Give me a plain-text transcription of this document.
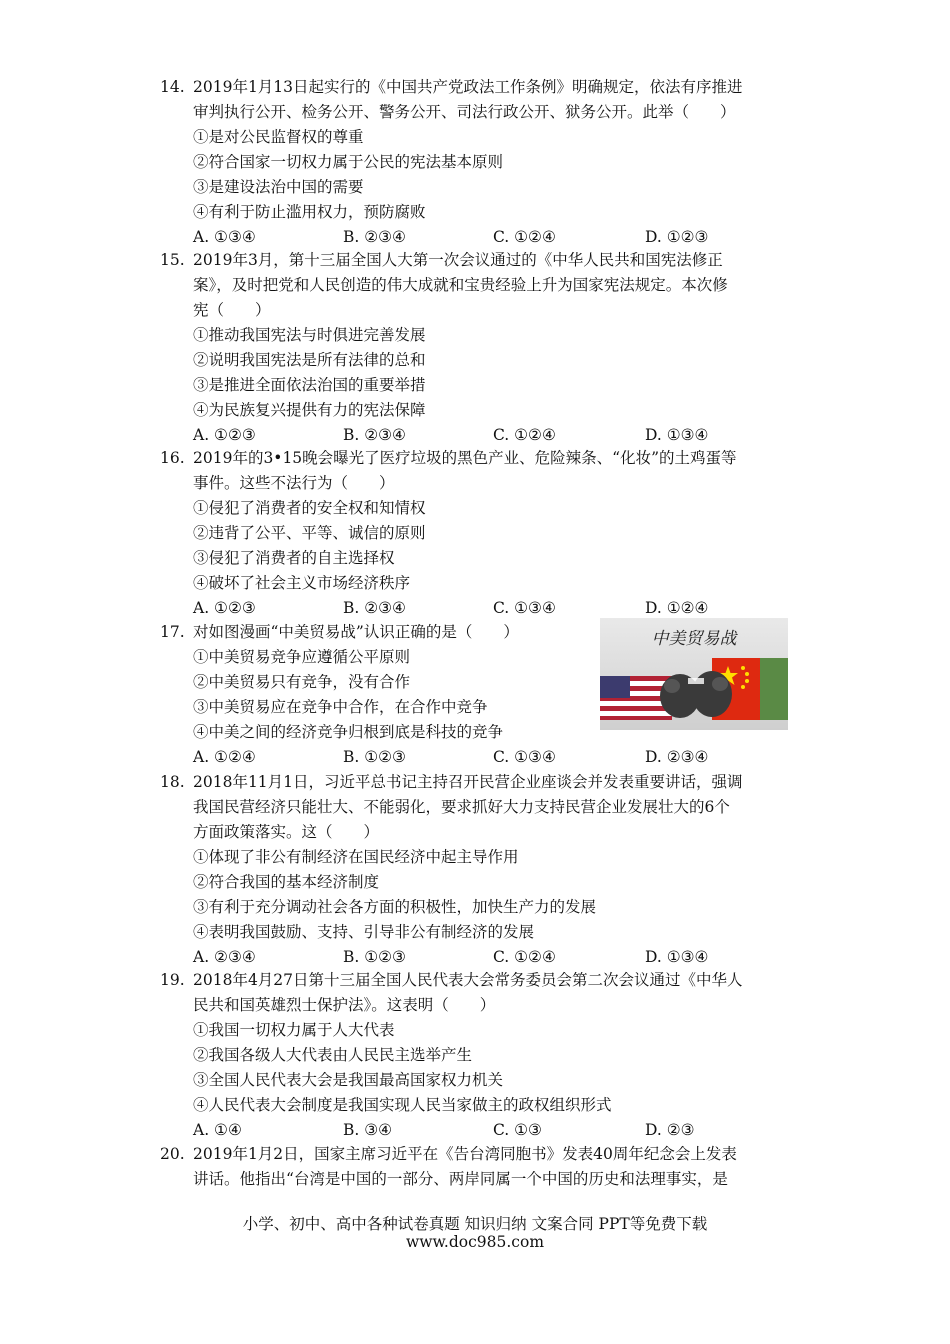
14. 2019年1月13日起实行的《中国共产党政法工作条例》明确规定，依法有序推进
审判执行公开、检务公开、警务公开、司法行政公开、狱务公开。此举（　　）
①是对公民监督权的尊重
②符合国家一切权力属于公民的宪法基本原则
③是建设法治中国的需要
④有利于防止滥用权力，预防腐败
A. ①③④	B. ②③④	C. ①②④	D. ①②③
15. 2019年3月，第十三届全国人大第一次会议通过的《中华人民共和国宪法修正
案》，及时把党和人民创造的伟大成就和宝贵经验上升为国家宪法规定。本次修
宪（　　）
①推动我国宪法与时俱进完善发展
②说明我国宪法是所有法律的总和
③是推进全面依法治国的重要举措
④为民族复兴提供有力的宪法保障
A. ①②③	B. ②③④	C. ①②④	D. ①③④
16. 2019年的3•15晚会曝光了医疗垃圾的黑色产业、危险辣条、“化妆”的土鸡蛋等
事件。这些不法行为（　　）
①侵犯了消费者的安全权和知情权
②违背了公平、平等、诚信的原则
③侵犯了消费者的自主选择权
④破坏了社会主义市场经济秩序
A. ①②③	B. ②③④	C. ①③④	D. ①②④
17. 对如图漫画“中美贸易战”认识正确的是（　　）
①中美贸易竞争应遵循公平原则
②中美贸易只有竞争，没有合作
③中美贸易应在竞争中合作，在合作中竞争
④中美之间的经济竞争归根到底是科技的竞争
A. ①②④	B. ①②③	C. ①③④	D. ②③④
中美贸易战
18. 2018年11月1日，习近平总书记主持召开民营企业座谈会并发表重要讲话，强调
我国民营经济只能壮大、不能弱化，要求抓好大力支持民营企业发展壮大的6个
方面政策落实。这（　　）
①体现了非公有制经济在国民经济中起主导作用
②符合我国的基本经济制度
③有利于充分调动社会各方面的积极性，加快生产力的发展
④表明我国鼓励、支持、引导非公有制经济的发展
A. ②③④	B. ①②③	C. ①②④	D. ①③④
19. 2018年4月27日第十三届全国人民代表大会常务委员会第二次会议通过《中华人
民共和国英雄烈士保护法》。这表明（　　）
①我国一切权力属于人大代表
②我国各级人大代表由人民民主选举产生
③全国人民代表大会是我国最高国家权力机关
④人民代表大会制度是我国实现人民当家做主的政权组织形式
A. ①④	B. ③④	C. ①③	D. ②③
20. 2019年1月2日，国家主席习近平在《告台湾同胞书》发表40周年纪念会上发表
讲话。他指出“台湾是中国的一部分、两岸同属一个中国的历史和法理事实，是
小学、初中、高中各种试卷真题 知识归纳 文案合同 PPT等免费下载
www.doc985.com
